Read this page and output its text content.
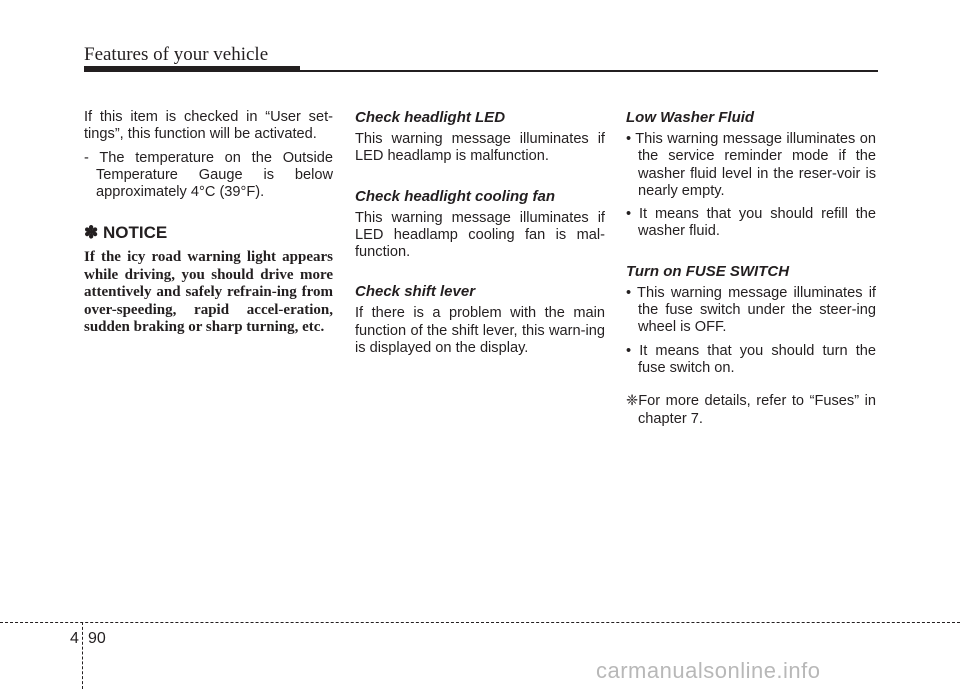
Features of your vehicle

If this item is checked in “User set-tings”, this function will be activated.

- The temperature on the Outside Temperature Gauge is below approximately 4°C (39°F).

✽ NOTICE
If the icy road warning light appears while driving, you should drive more attentively and safely refrain-ing from over-speeding, rapid accel-eration, sudden braking or sharp turning, etc.
Check headlight LED

This warning message illuminates if LED headlamp is malfunction.

Check headlight cooling fan

This warning message illuminates if LED headlamp cooling fan is mal-function.

Check shift lever

If there is a problem with the main function of the shift lever, this warn-ing is displayed on the display.

Low Washer Fluid
• This warning message illuminates on the service reminder mode if the washer fluid level in the reser-voir is nearly empty.
• It means that you should refill the washer fluid.
Turn on FUSE SWITCH
• This warning message illuminates if the fuse switch under the steer-ing wheel is OFF.
• It means that you should turn the fuse switch on.
❈For more details, refer to “Fuses” in chapter 7.
4 90
carmanualsonline.info
